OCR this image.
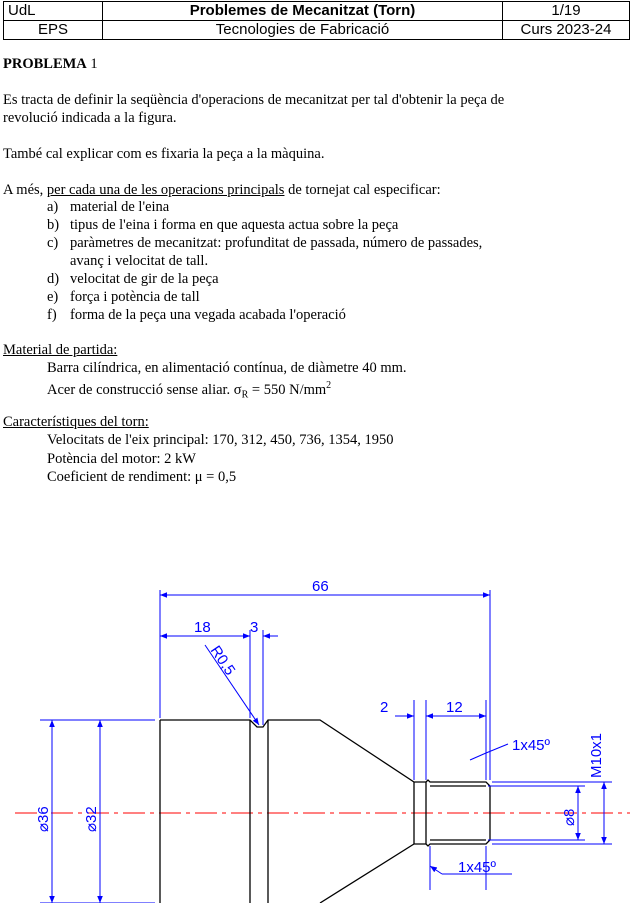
UdL	Problemes de Mecanitzat (Torn)	1/19
EPS	Tecnologies de Fabricació	Curs 2023-24
PROBLEMA 1
Es tracta de definir la seqüència d'operacions de mecanitzat per tal d'obtenir la peça de
revolució indicada a la figura.
També cal explicar com es fixaria la peça a la màquina.
A més, per cada una de les operacions principals de tornejat cal especificar:
a) material de l'eina
b) tipus de l'eina i forma en que aquesta actua sobre la peça
c) paràmetres de mecanitzat: profunditat de passada, número de passades,
avanç i velocitat de tall.
d) velocitat de gir de la peça
e) força i potència de tall
f) forma de la peça una vegada acabada l'operació
Material de partida:
Barra cilíndrica, en alimentació contínua, de diàmetre 40 mm.
Acer de construcció sense aliar. $\sigma_R = 550$ $N/mm^2$
Característiques del torn:
Velocitats de l'eix principal: 170, 312, 450, 736, 1354, 1950
Potència del motor: 2 kW
Coeficient de rendiment: μ = 0,5
66
18	3
R0,5
2	12
1x45º
1x45º
M10x1
⌀8
⌀36 ⌀32
